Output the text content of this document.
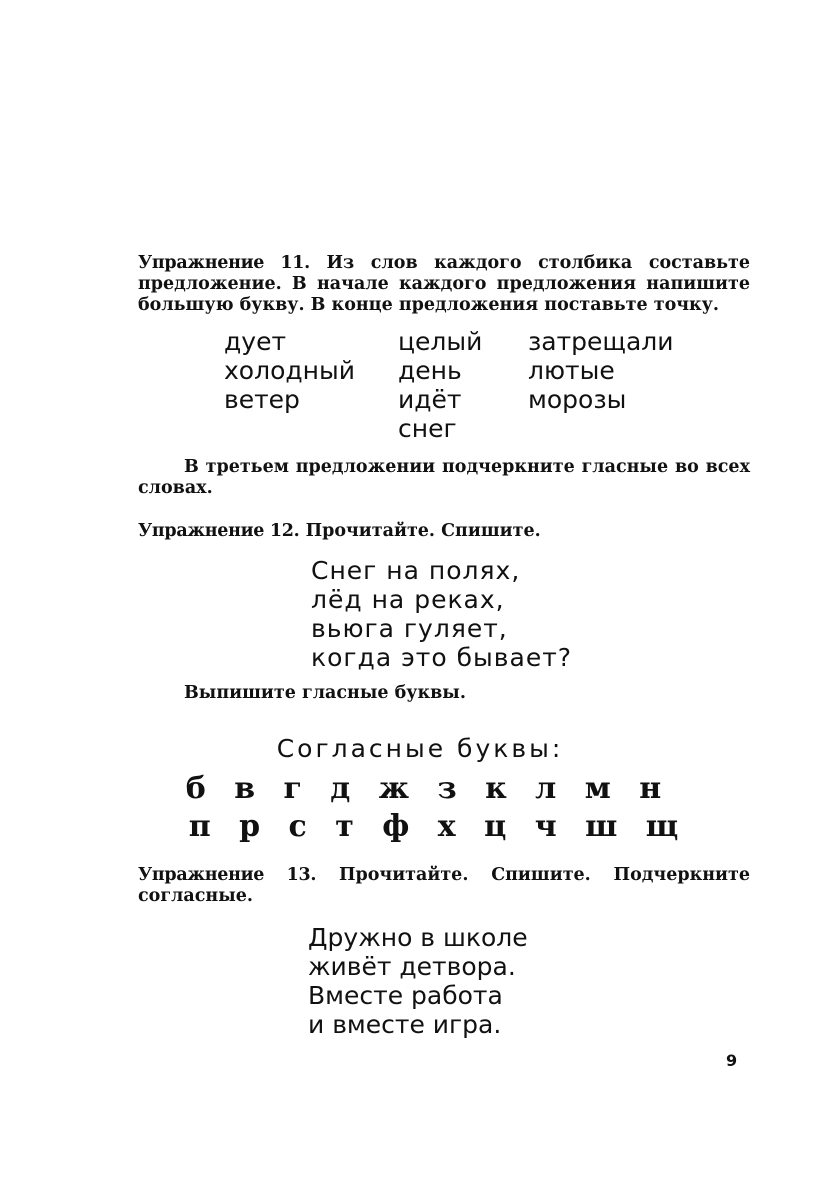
Упражнение 11. Из слов каждого столбика составьте предложение. В начале каждого предложения напишите большую букву. В конце предложения поставьте точку.

дует
холодный
ветер
целый
день
идёт
снег
затрещали
лютые
морозы

В третьем предложении подчеркните гласные во всех словах.

Упражнение 12. Прочитайте. Спишите.

Снег на полях,
лёд на реках,
вьюга гуляет,
когда это бывает?

Выпишите гласные буквы.

Согласные буквы:
б в г д ж з к л м н
п р с т ф х ц ч ш щ

Упражнение 13. Прочитайте. Спишите. Подчеркните согласные.

Дружно в школе
живёт детвора.
Вместе работа
и вместе игра.
9
